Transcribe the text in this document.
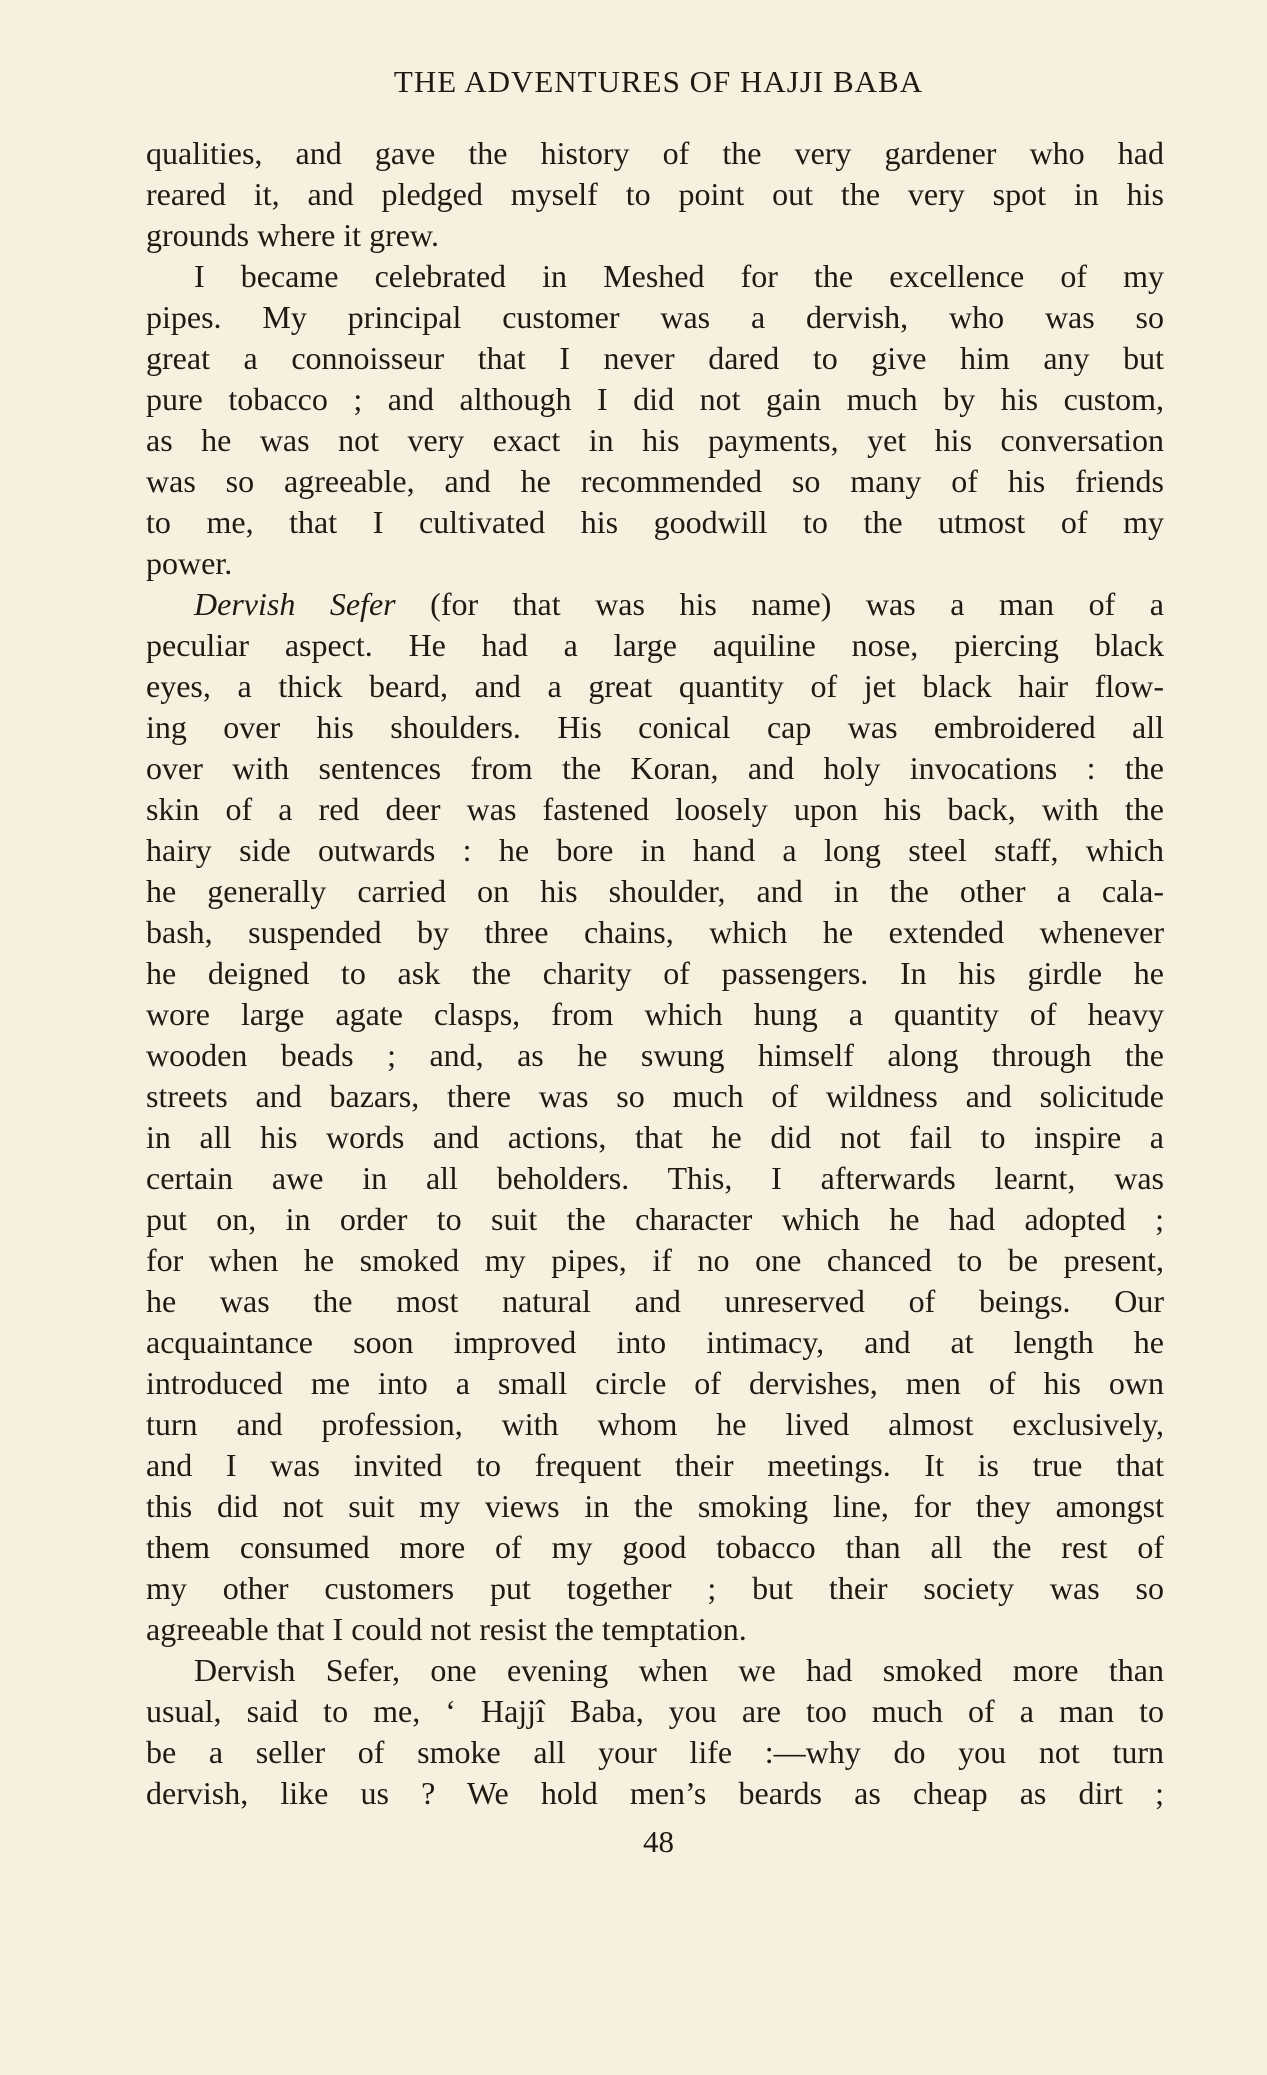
THE ADVENTURES OF HAJJI BABA
qualities, and gave the history of the very gardener who had
reared it, and pledged myself to point out the very spot in his
grounds where it grew.
I became celebrated in Meshed for the excellence of my
pipes. My principal customer was a dervish, who was so
great a connoisseur that I never dared to give him any but
pure tobacco ; and although I did not gain much by his custom,
as he was not very exact in his payments, yet his conversation
was so agreeable, and he recommended so many of his friends
to me, that I cultivated his goodwill to the utmost of my
power.
Dervish Sefer (for that was his name) was a man of a
peculiar aspect. He had a large aquiline nose, piercing black
eyes, a thick beard, and a great quantity of jet black hair flow-
ing over his shoulders. His conical cap was embroidered all
over with sentences from the Koran, and holy invocations : the
skin of a red deer was fastened loosely upon his back, with the
hairy side outwards : he bore in hand a long steel staff, which
he generally carried on his shoulder, and in the other a cala-
bash, suspended by three chains, which he extended whenever
he deigned to ask the charity of passengers. In his girdle he
wore large agate clasps, from which hung a quantity of heavy
wooden beads ; and, as he swung himself along through the
streets and bazars, there was so much of wildness and solicitude
in all his words and actions, that he did not fail to inspire a
certain awe in all beholders. This, I afterwards learnt, was
put on, in order to suit the character which he had adopted ;
for when he smoked my pipes, if no one chanced to be present,
he was the most natural and unreserved of beings. Our
acquaintance soon improved into intimacy, and at length he
introduced me into a small circle of dervishes, men of his own
turn and profession, with whom he lived almost exclusively,
and I was invited to frequent their meetings. It is true that
this did not suit my views in the smoking line, for they amongst
them consumed more of my good tobacco than all the rest of
my other customers put together ; but their society was so
agreeable that I could not resist the temptation.
Dervish Sefer, one evening when we had smoked more than
usual, said to me, ‘ Hajjî Baba, you are too much of a man to
be a seller of smoke all your life :—why do you not turn
dervish, like us ? We hold men’s beards as cheap as dirt ;
48
